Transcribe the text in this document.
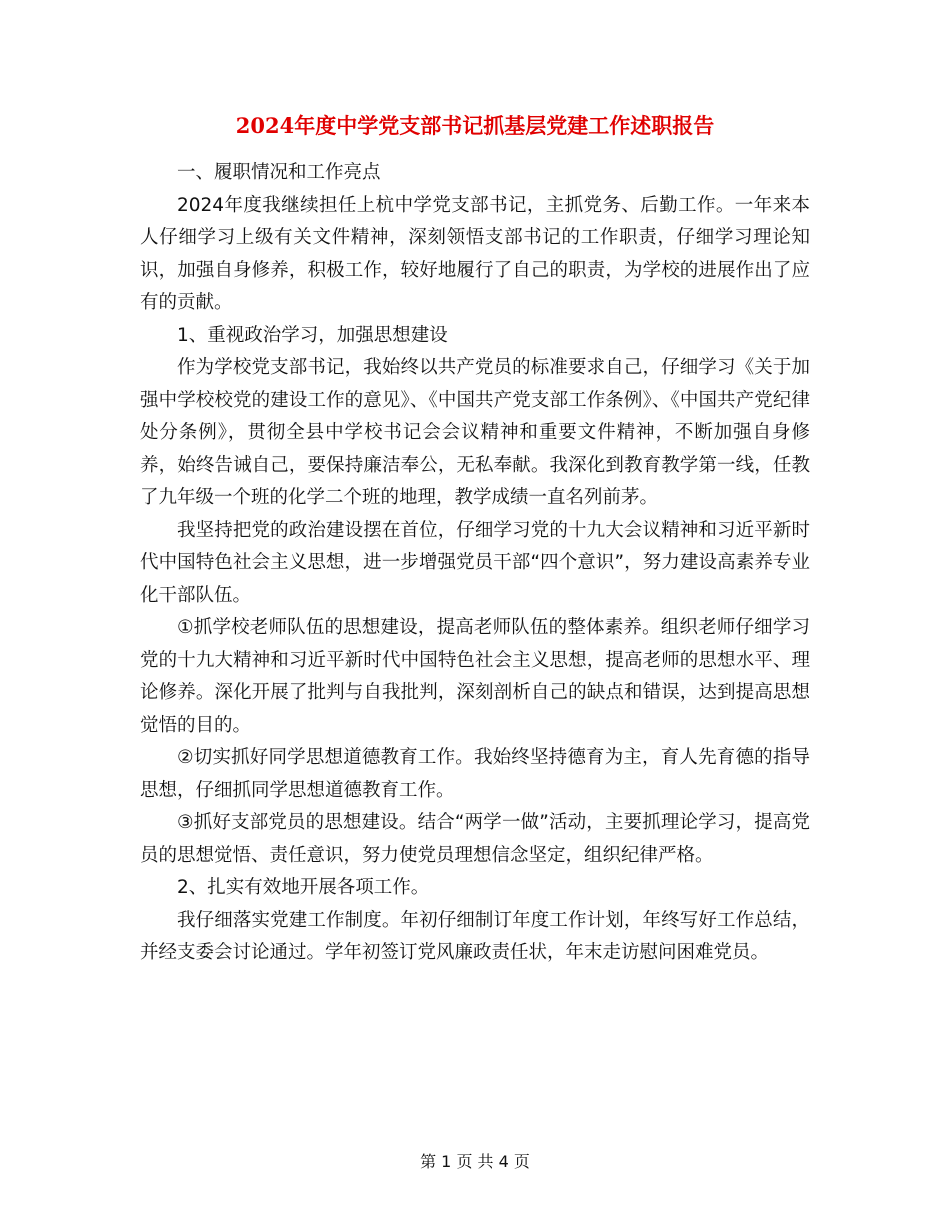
2024年度中学党支部书记抓基层党建工作述职报告

一、履职情况和工作亮点

2024年度我继续担任上杭中学党支部书记，主抓党务、后勤工作。一年来本人仔细学习上级有关文件精神，深刻领悟支部书记的工作职责，仔细学习理论知识，加强自身修养，积极工作，较好地履行了自己的职责，为学校的进展作出了应有的贡献。

1、重视政治学习，加强思想建设

作为学校党支部书记，我始终以共产党员的标准要求自己，仔细学习《关于加强中学校校党的建设工作的意见》、《中国共产党支部工作条例》、《中国共产党纪律处分条例》，贯彻全县中学校书记会会议精神和重要文件精神，不断加强自身修养，始终告诫自己，要保持廉洁奉公，无私奉献。我深化到教育教学第一线，任教了九年级一个班的化学二个班的地理，教学成绩一直名列前茅。

我坚持把党的政治建设摆在首位，仔细学习党的十九大会议精神和习近平新时代中国特色社会主义思想，进一步增强党员干部“四个意识”，努力建设高素养专业化干部队伍。

①抓学校老师队伍的思想建设，提高老师队伍的整体素养。组织老师仔细学习党的十九大精神和习近平新时代中国特色社会主义思想，提高老师的思想水平、理论修养。深化开展了批判与自我批判，深刻剖析自己的缺点和错误，达到提高思想觉悟的目的。

②切实抓好同学思想道德教育工作。我始终坚持德育为主，育人先育德的指导思想，仔细抓同学思想道德教育工作。

③抓好支部党员的思想建设。结合“两学一做”活动，主要抓理论学习，提高党员的思想觉悟、责任意识，努力使党员理想信念坚定，组织纪律严格。

2、扎实有效地开展各项工作。

我仔细落实党建工作制度。年初仔细制订年度工作计划，年终写好工作总结，并经支委会讨论通过。学年初签订党风廉政责任状，年末走访慰问困难党员。

第 1 页 共 4 页
